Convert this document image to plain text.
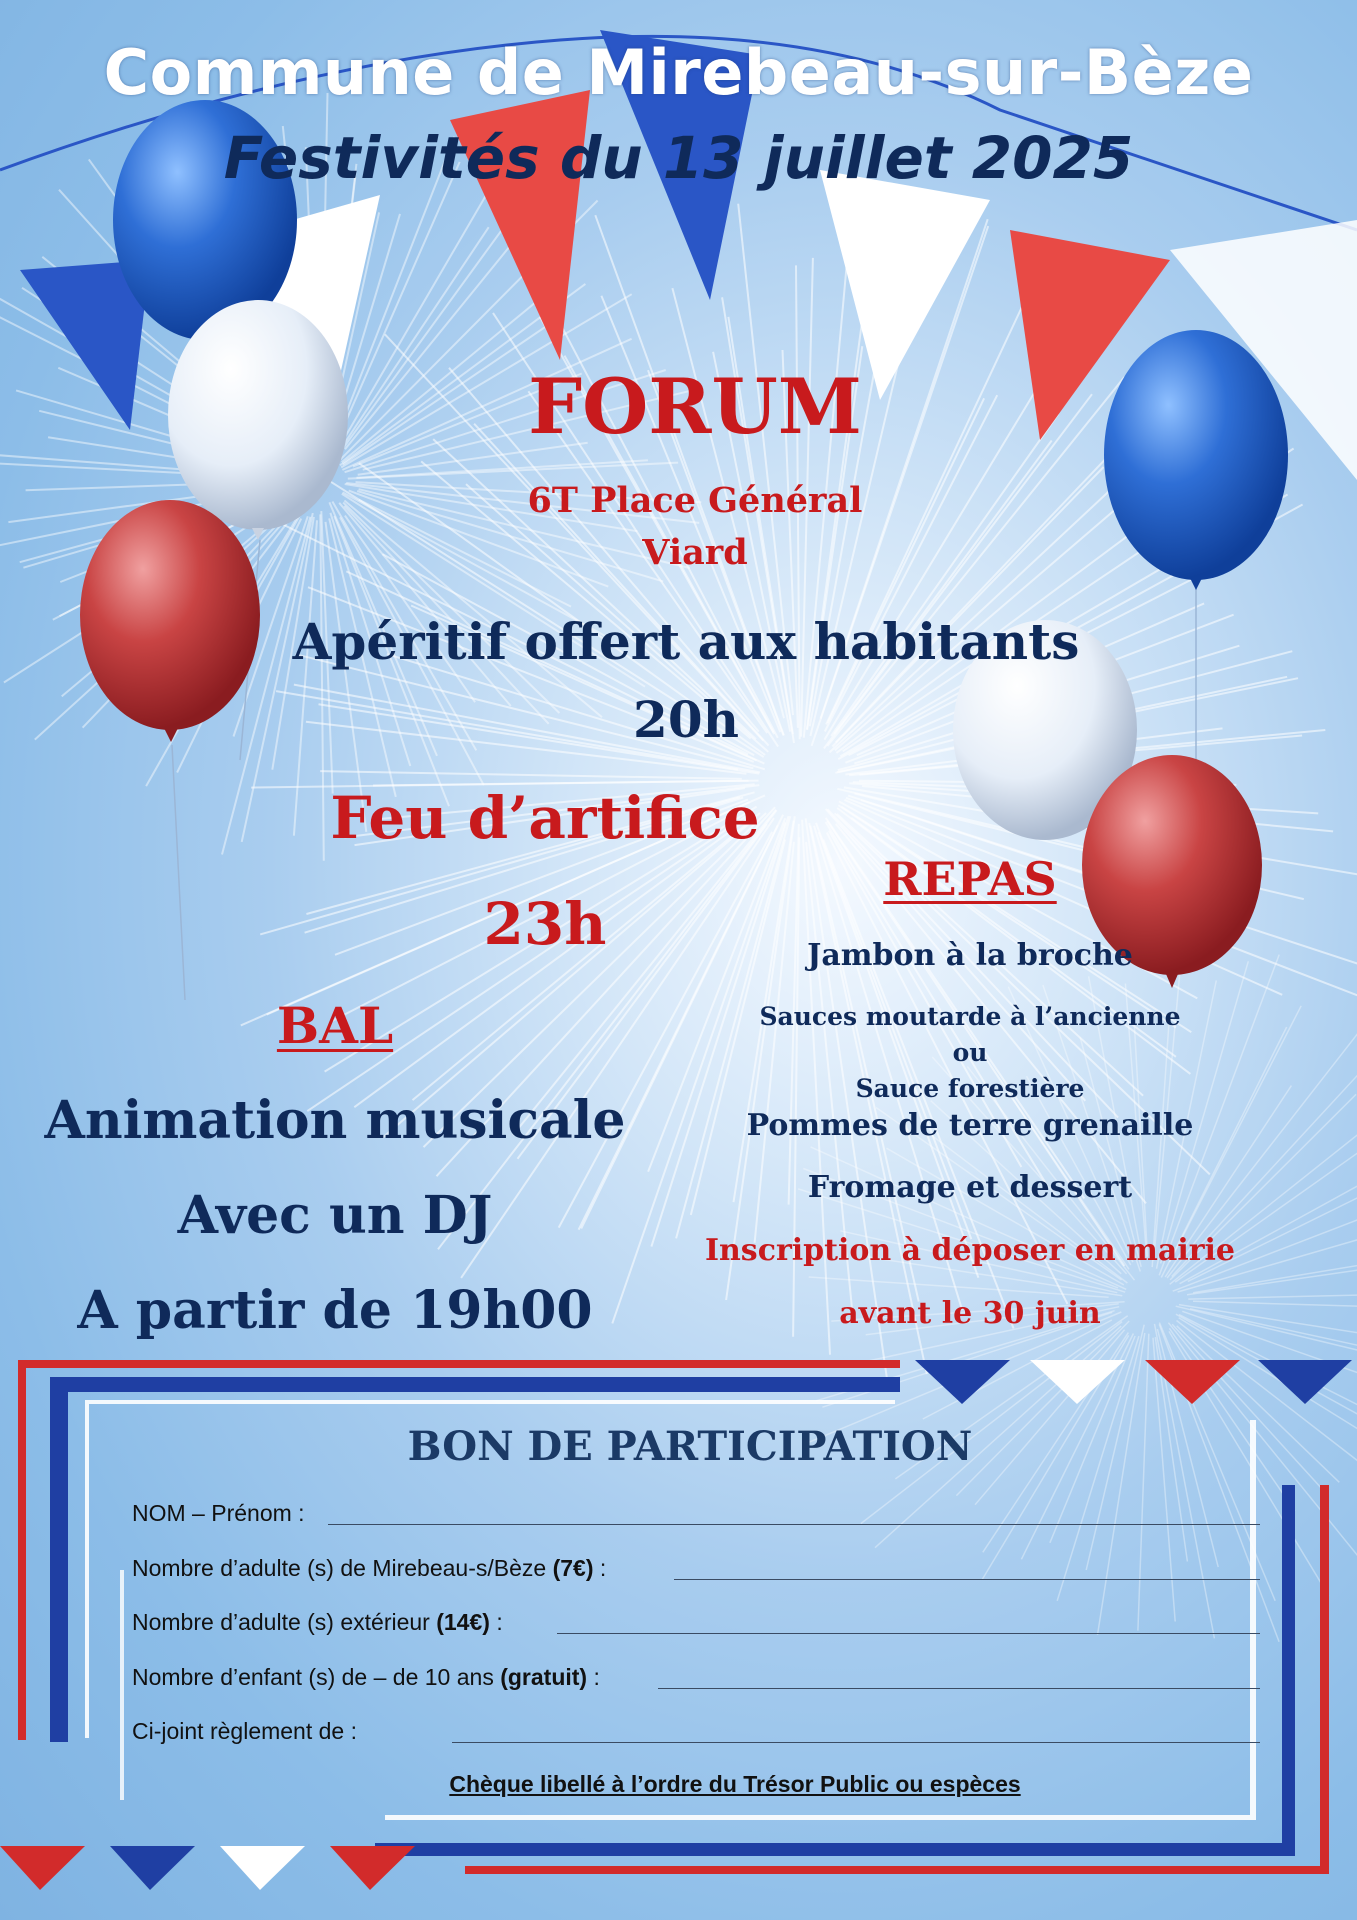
Commune de Mirebeau-sur-Bèze
Festivités du 13 juillet 2025
FORUM
6T Place Général
Viard
Apéritif offert aux habitants
20h
Feu d’artifice
23h
BAL
Animation musicale
Avec un DJ
A partir de 19h00
REPAS
Jambon à la broche
Sauces moutarde à l’ancienne
ou
Sauce forestière
Pommes de terre grenaille
Fromage et dessert
Inscription à déposer en mairie
avant le 30 juin
BON DE PARTICIPATION
NOM – Prénom :
Nombre d’adulte (s) de Mirebeau-s/Bèze (7€) :
Nombre d’adulte (s) extérieur (14€) :
Nombre d’enfant (s) de – de 10 ans (gratuit) :
Ci-joint règlement de :
Chèque libellé à l’ordre du Trésor Public ou espèces
